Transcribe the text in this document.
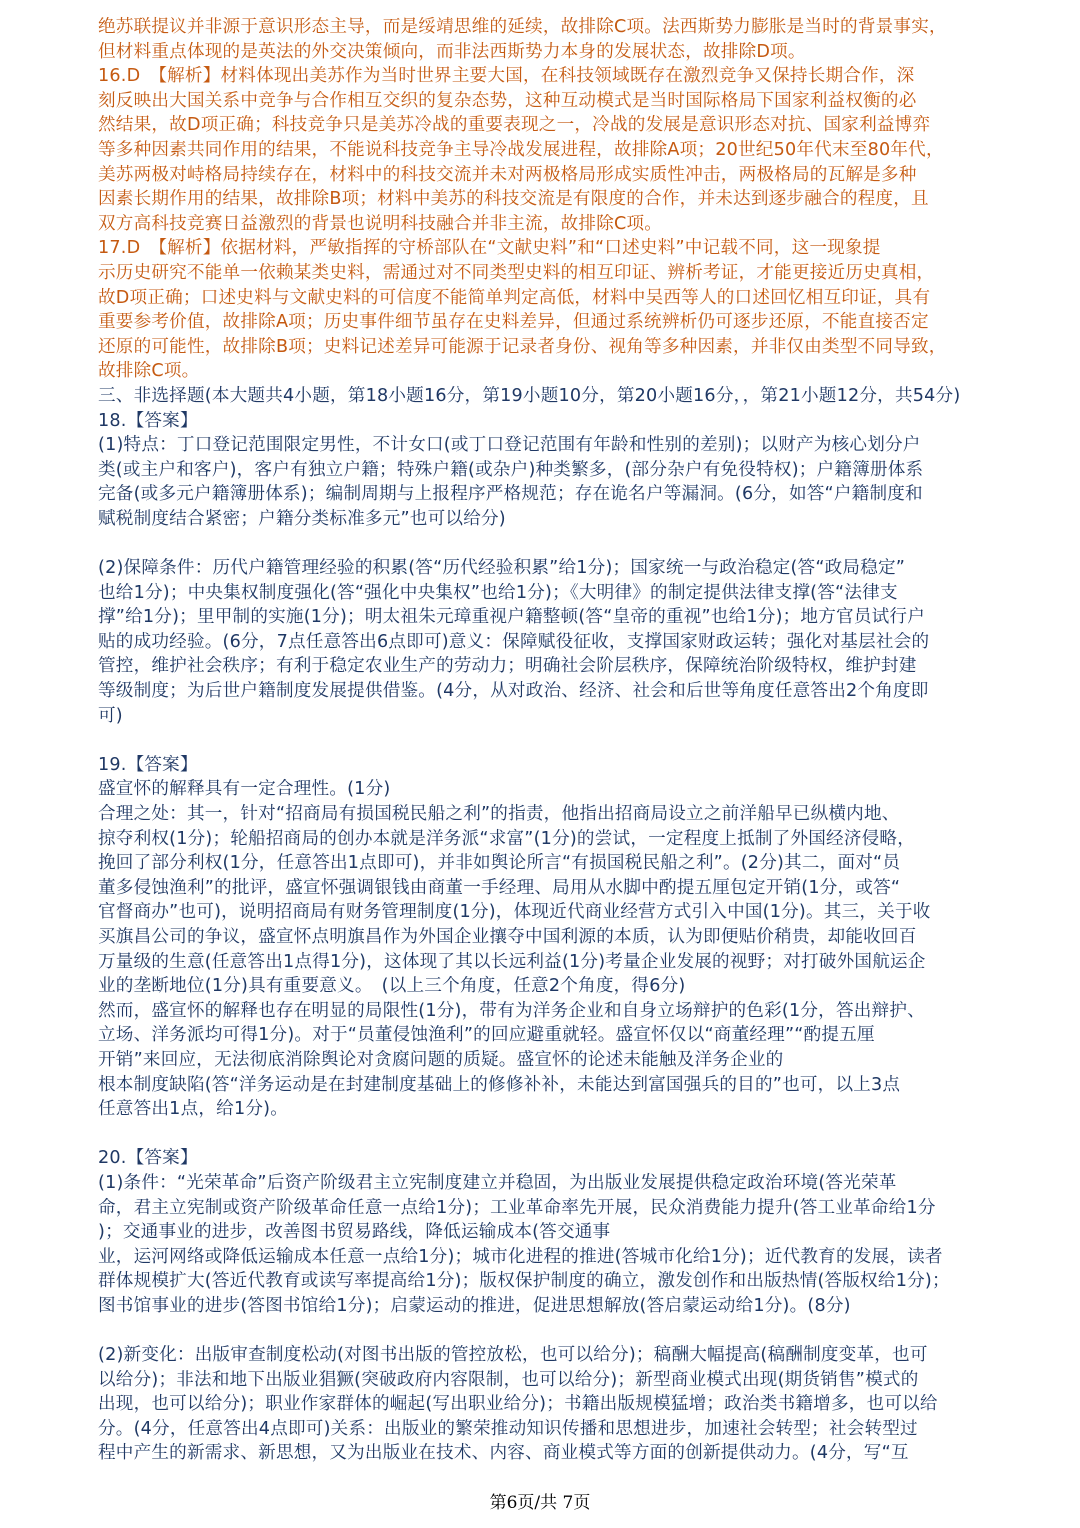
绝苏联提议并非源于意识形态主导，而是绥靖思维的延续，故排除C项。法西斯势力膨胀是当时的背景事实，
但材料重点体现的是英法的外交决策倾向，而非法西斯势力本身的发展状态，故排除D项。
16.D　【解析】材料体现出美苏作为当时世界主要大国，在科技领域既存在激烈竞争又保持长期合作，深
刻反映出大国关系中竞争与合作相互交织的复杂态势，这种互动模式是当时国际格局下国家利益权衡的必
然结果，故D项正确；科技竞争只是美苏冷战的重要表现之一，冷战的发展是意识形态对抗、国家利益博弈
等多种因素共同作用的结果，不能说科技竞争主导冷战发展进程，故排除A项；20世纪50年代末至80年代，
美苏两极对峙格局持续存在，材料中的科技交流并未对两极格局形成实质性冲击，两极格局的瓦解是多种
因素长期作用的结果，故排除B项；材料中美苏的科技交流是有限度的合作，并未达到逐步融合的程度，且
双方高科技竞赛日益激烈的背景也说明科技融合并非主流，故排除C项。
17.D　【解析】依据材料，严敏指挥的守桥部队在“文献史料”和“口述史料”中记载不同，这一现象提
示历史研究不能单一依赖某类史料，需通过对不同类型史料的相互印证、辨析考证，才能更接近历史真相，
故D项正确；口述史料与文献史料的可信度不能简单判定高低，材料中吴西等人的口述回忆相互印证，具有
重要参考价值，故排除A项；历史事件细节虽存在史料差异，但通过系统辨析仍可逐步还原，不能直接否定
还原的可能性，故排除B项；史料记述差异可能源于记录者身份、视角等多种因素，并非仅由类型不同导致，
故排除C项。
三、非选择题(本大题共4小题，第18小题16分，第19小题10分，第20小题16分，，第21小题12分，共54分)
18.【答案】
(1)特点：丁口登记范围限定男性，不计女口(或丁口登记范围有年龄和性别的差别)；以财产为核心划分户
类(或主户和客户)，客户有独立户籍；特殊户籍(或杂户)种类繁多，(部分杂户有免役特权)；户籍簿册体系
完备(或多元户籍簿册体系)；编制周期与上报程序严格规范；存在诡名户等漏洞。(6分，如答“户籍制度和
赋税制度结合紧密；户籍分类标准多元”也可以给分)
(2)保障条件：历代户籍管理经验的积累(答“历代经验积累”给1分)；国家统一与政治稳定(答“政局稳定”
也给1分)；中央集权制度强化(答“强化中央集权”也给1分)；《大明律》的制定提供法律支撑(答“法律支
撑”给1分)；里甲制的实施(1分)；明太祖朱元璋重视户籍整顿(答“皇帝的重视”也给1分)；地方官员试行户
贴的成功经验。(6分，7点任意答出6点即可)意义：保障赋役征收，支撑国家财政运转；强化对基层社会的
管控，维护社会秩序；有利于稳定农业生产的劳动力；明确社会阶层秩序，保障统治阶级特权，维护封建
等级制度；为后世户籍制度发展提供借鉴。(4分，从对政治、经济、社会和后世等角度任意答出2个角度即
可)
19.【答案】
盛宣怀的解释具有一定合理性。(1分)
合理之处：其一，针对“招商局有损国税民船之利”的指责，他指出招商局设立之前洋船早已纵横内地、
掠夺利权(1分)；轮船招商局的创办本就是洋务派“求富”(1分)的尝试，一定程度上抵制了外国经济侵略，
挽回了部分利权(1分，任意答出1点即可)，并非如舆论所言“有损国税民船之利”。(2分)其二，面对“员
董多侵蚀渔利”的批评，盛宣怀强调银钱由商董一手经理、局用从水脚中酌提五厘包定开销(1分，或答“
官督商办”也可)，说明招商局有财务管理制度(1分)，体现近代商业经营方式引入中国(1分)。其三，关于收
买旗昌公司的争议，盛宣怀点明旗昌作为外国企业攘夺中国利源的本质，认为即便贴价稍贵，却能收回百
万量级的生意(任意答出1点得1分)，这体现了其以长远利益(1分)考量企业发展的视野；对打破外国航运企
业的垄断地位(1分)具有重要意义。　(以上三个角度，任意2个角度，得6分)
然而，盛宣怀的解释也存在明显的局限性(1分)，带有为洋务企业和自身立场辩护的色彩(1分，答出辩护、
立场、洋务派均可得1分)。对于“员董侵蚀渔利”的回应避重就轻。盛宣怀仅以“商董经理”“酌提五厘
开销”来回应，无法彻底消除舆论对贪腐问题的质疑。盛宣怀的论述未能触及洋务企业的
根本制度缺陷(答“洋务运动是在封建制度基础上的修修补补，未能达到富国强兵的目的”也可，以上3点
任意答出1点，给1分)。
20.【答案】
(1)条件：“光荣革命”后资产阶级君主立宪制度建立并稳固，为出版业发展提供稳定政治环境(答光荣革
命，君主立宪制或资产阶级革命任意一点给1分)；工业革命率先开展，民众消费能力提升(答工业革命给1分
)；交通事业的进步，改善图书贸易路线，降低运输成本(答交通事
业，运河网络或降低运输成本任意一点给1分)；城市化进程的推进(答城市化给1分)；近代教育的发展，读者
群体规模扩大(答近代教育或读写率提高给1分)；版权保护制度的确立，激发创作和出版热情(答版权给1分)；
图书馆事业的进步(答图书馆给1分)；启蒙运动的推进，促进思想解放(答启蒙运动给1分)。(8分)
(2)新变化：出版审查制度松动(对图书出版的管控放松，也可以给分)；稿酬大幅提高(稿酬制度变革，也可
以给分)；非法和地下出版业猖獗(突破政府内容限制，也可以给分)；新型商业模式出现(期货销售”模式的
出现，也可以给分)；职业作家群体的崛起(写出职业给分)；书籍出版规模猛增；政治类书籍增多，也可以给
分。(4分，任意答出4点即可)关系：出版业的繁荣推动知识传播和思想进步，加速社会转型；社会转型过
程中产生的新需求、新思想，又为出版业在技术、内容、商业模式等方面的创新提供动力。(4分，写“互
第6页/共 7页
